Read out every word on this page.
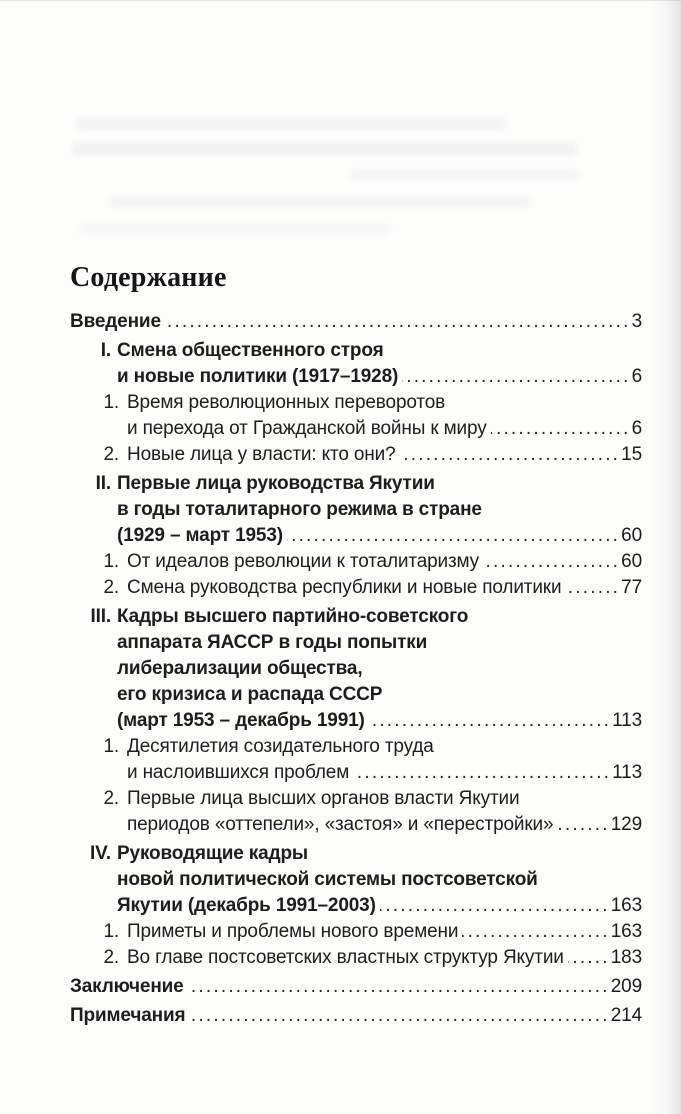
Содержание
Введение .....	3
I. Смена общественного строя
и новые политики (1917–1928) .....	6
1. Время революционных переворотов
и перехода от Гражданской войны к миру .....	6
2. Новые лица у власти: кто они? .....	15
II. Первые лица руководства Якутии
в годы тоталитарного режима в стране
(1929 – март 1953) .....	60
1. От идеалов революции к тоталитаризму .....	60
2. Смена руководства республики и новые политики .....	77
III. Кадры высшего партийно-советского
аппарата ЯАССР в годы попытки
либерализации общества,
его кризиса и распада СССР
(март 1953 – декабрь 1991) .....	113
1. Десятилетия созидательного труда
и наслоившихся проблем .....	113
2. Первые лица высших органов власти Якутии
периодов «оттепели», «застоя» и «перестройки» .....	129
IV. Руководящие кадры
новой политической системы постсоветской
Якутии (декабрь 1991–2003) .....	163
1. Приметы и проблемы нового времени .....	163
2. Во главе постсоветских властных структур Якутии ..... 183
Заключение .....	209
Примечания .....	214
